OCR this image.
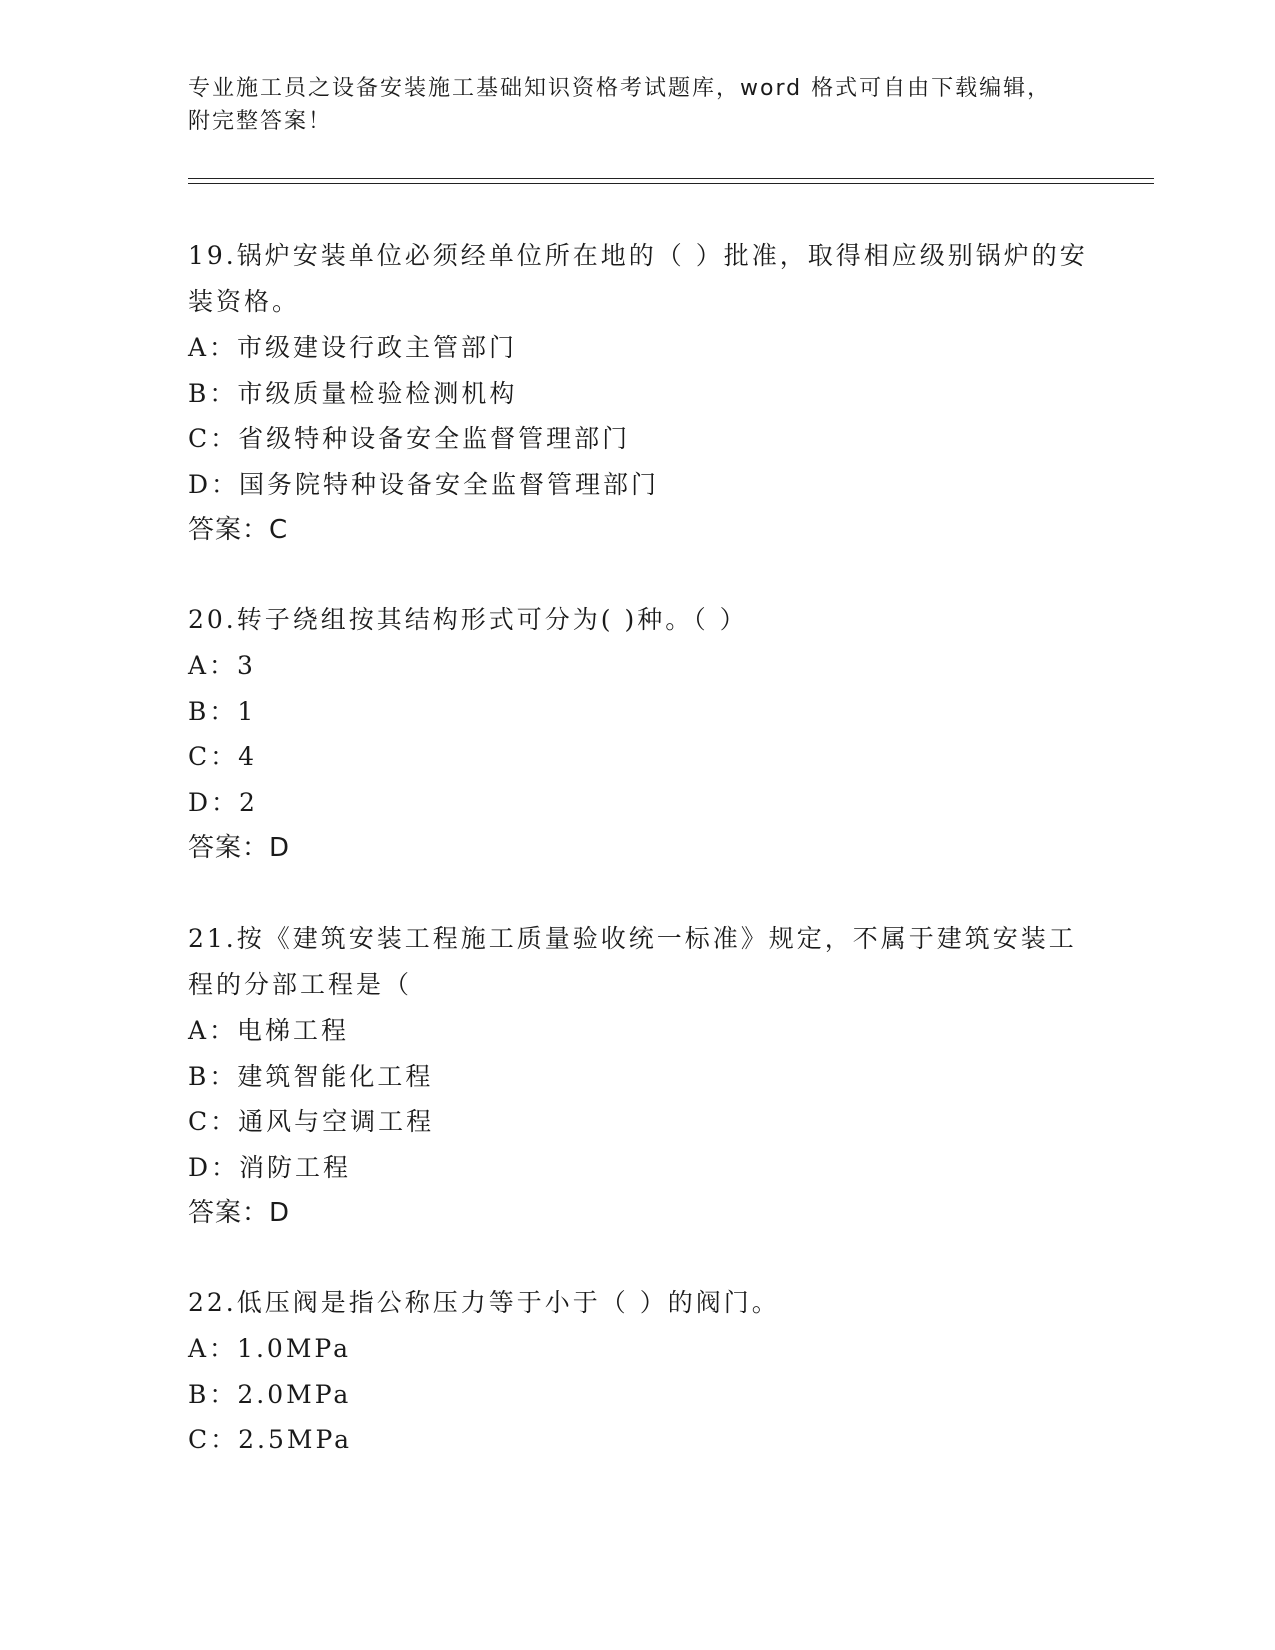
专业施工员之设备安装施工基础知识资格考试题库，word 格式可自由下载编辑，附完整答案！

19.锅炉安装单位必须经单位所在地的（ ）批准，取得相应级别锅炉的安装资格。

A：市级建设行政主管部门

B：市级质量检验检测机构

C：省级特种设备安全监督管理部门

D：国务院特种设备安全监督管理部门

答案：C

20.转子绕组按其结构形式可分为( )种。（ ）

A：3

B：1

C：4

D：2

答案：D

21.按《建筑安装工程施工质量验收统一标准》规定，不属于建筑安装工程的分部工程是（

A：电梯工程

B：建筑智能化工程

C：通风与空调工程

D：消防工程

答案：D

22.低压阀是指公称压力等于小于（ ）的阀门。

A：1.0MPa

B：2.0MPa

C：2.5MPa
